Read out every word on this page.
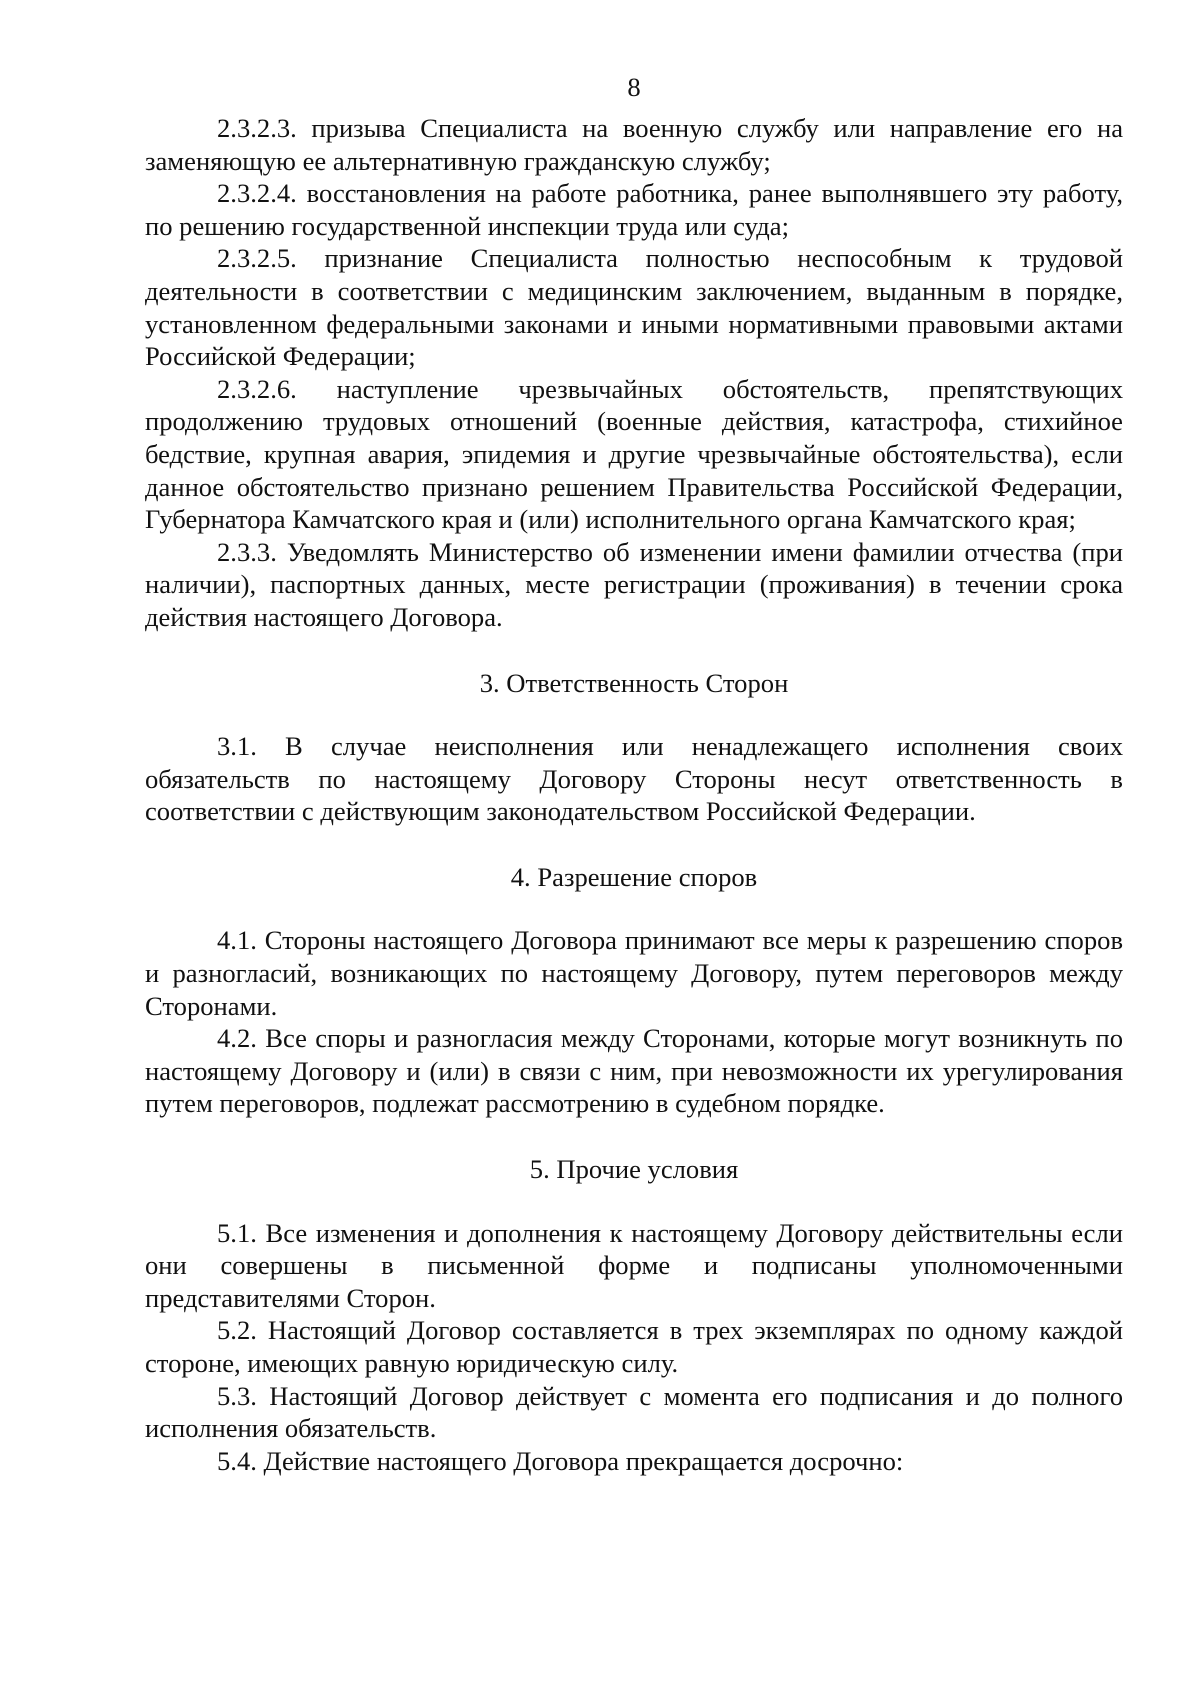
8

2.3.2.3. призыва Специалиста на военную службу или направление его на заменяющую ее альтернативную гражданскую службу;

2.3.2.4. восстановления на работе работника, ранее выполнявшего эту работу, по решению государственной инспекции труда или суда;

2.3.2.5. признание Специалиста полностью неспособным к трудовой деятельности в соответствии с медицинским заключением, выданным в порядке, установленном федеральными законами и иными нормативными правовыми актами Российской Федерации;

2.3.2.6. наступление чрезвычайных обстоятельств, препятствующих продолжению трудовых отношений (военные действия, катастрофа, стихийное бедствие, крупная авария, эпидемия и другие чрезвычайные обстоятельства), если данное обстоятельство признано решением Правительства Российской Федерации, Губернатора Камчатского края и (или) исполнительного органа Камчатского края;

2.3.3. Уведомлять Министерство об изменении имени фамилии отчества (при наличии), паспортных данных, месте регистрации (проживания) в течении срока действия настоящего Договора.

3. Ответственность Сторон

3.1. В случае неисполнения или ненадлежащего исполнения своих обязательств по настоящему Договору Стороны несут ответственность в соответствии с действующим законодательством Российской Федерации.

4. Разрешение споров

4.1. Стороны настоящего Договора принимают все меры к разрешению споров и разногласий, возникающих по настоящему Договору, путем переговоров между Сторонами.

4.2. Все споры и разногласия между Сторонами, которые могут возникнуть по настоящему Договору и (или) в связи с ним, при невозможности их урегулирования путем переговоров, подлежат рассмотрению в судебном порядке.

5. Прочие условия

5.1. Все изменения и дополнения к настоящему Договору действительны если они совершены в письменной форме и подписаны уполномоченными представителями Сторон.

5.2. Настоящий Договор составляется в трех экземплярах по одному каждой стороне, имеющих равную юридическую силу.

5.3. Настоящий Договор действует с момента его подписания и до полного исполнения обязательств.

5.4. Действие настоящего Договора прекращается досрочно:
